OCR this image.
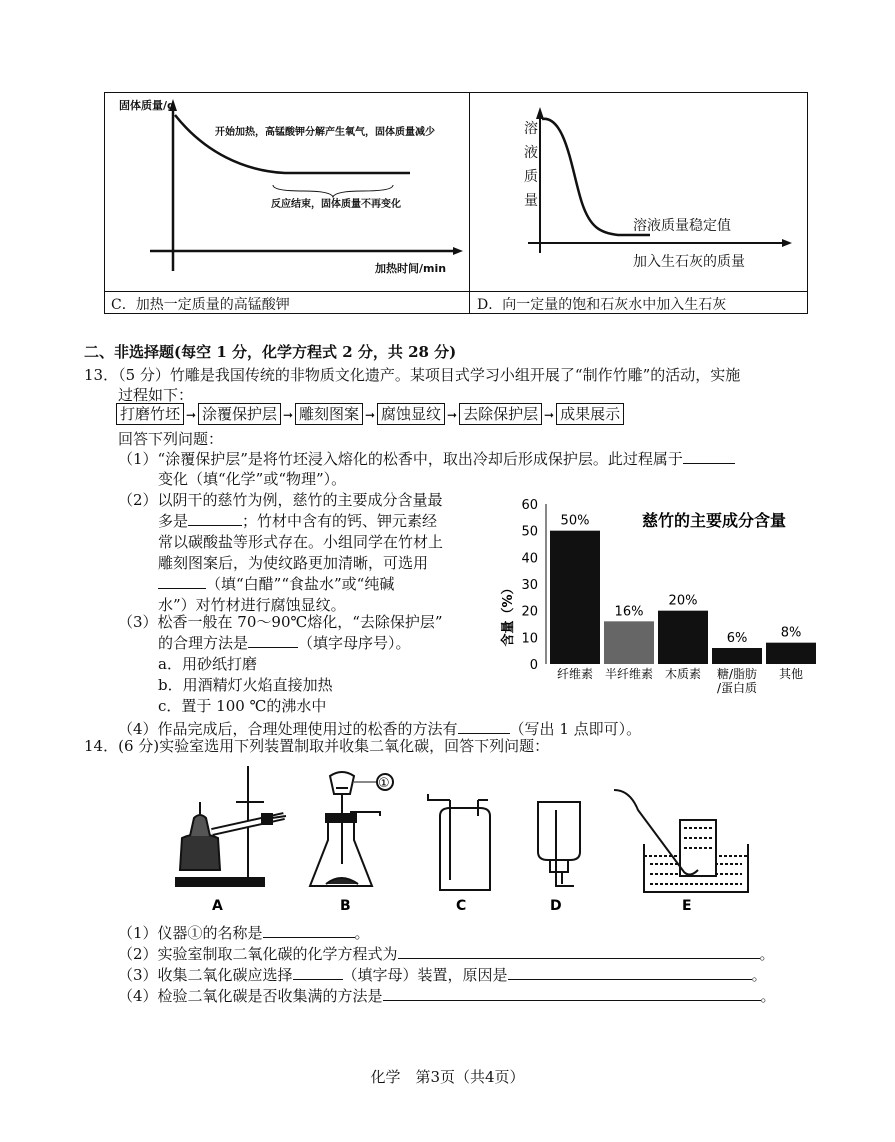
固体质量/g
开始加热，高锰酸钾分解产生氧气，固体质量减少
反应结束，固体质量不再变化
加热时间/min
C．加热一定质量的高锰酸钾
溶
液
质
量
溶液质量稳定值
加入生石灰的质量
D．向一定量的饱和石灰水中加入生石灰
二、非选择题(每空 1 分，化学方程式 2 分，共 28 分)
13．（5 分）竹雕是我国传统的非物质文化遗产。某项目式学习小组开展了“制作竹雕”的活动，实施
过程如下：
打磨竹坯 ➞ 涂覆保护层 ➞ 雕刻图案 ➞ 腐蚀显纹 ➞ 去除保护层 ➞ 成果展示
回答下列问题：
（1）“涂覆保护层”是将竹坯浸入熔化的松香中，取出冷却后形成保护层。此过程属于
变化（填“化学”或“物理”）。
（2）以阴干的慈竹为例，慈竹的主要成分含量最
多是	；竹材中含有的钙、钾元素经
常以碳酸盐等形式存在。小组同学在竹材上
雕刻图案后，为使纹路更加清晰，可选用
（填“白醋”“食盐水”或“纯碱
水”）对竹材进行腐蚀显纹。
（3）松香一般在 70～90℃熔化，“去除保护层”
的合理方法是	（填字母序号）。
a．用砂纸打磨
b．用酒精灯火焰直接加热
c．置于 100 ℃的沸水中
（4）作品完成后，合理处理使用过的松香的方法有	（写出 1 点即可）。
0
10
20
30
40
50
60
含量（%）
慈竹的主要成分含量
50%
纤维素
16%
半纤维素
20%
木质素
6%
糖/脂肪
/蛋白质
8%
其他
14．(6 分)实验室选用下列装置制取并收集二氧化碳，回答下列问题：
①
A	B	C	D	E
（1）仪器①的名称是	。
（2）实验室制取二氧化碳的化学方程式为	。
（3）收集二氧化碳应选择	（填字母）装置，原因是	。
（4）检验二氧化碳是否收集满的方法是	。
化学　第3页（共4页）
